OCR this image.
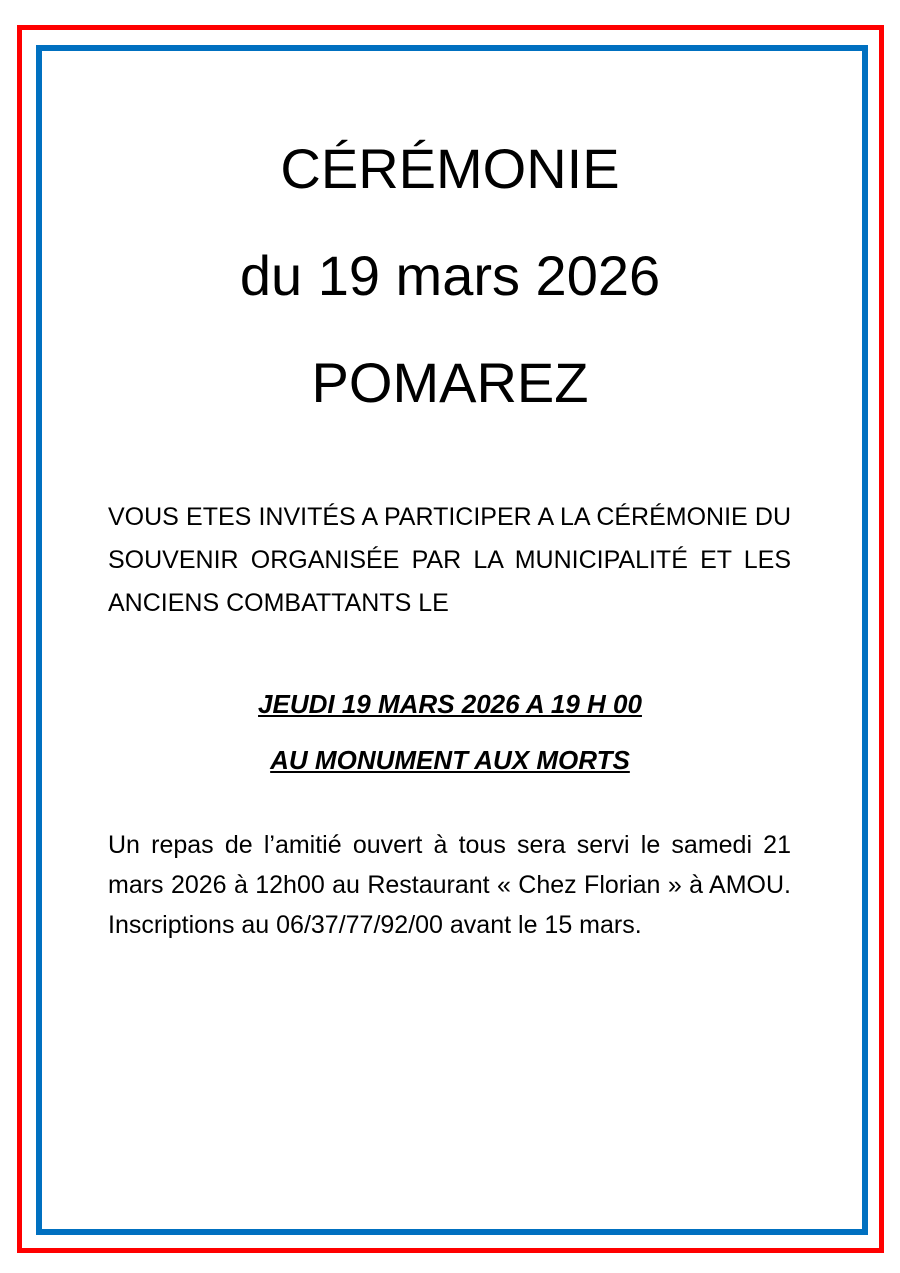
CÉRÉMONIE
du 19 mars 2026
POMAREZ

VOUS ETES INVITÉS A PARTICIPER A LA CÉRÉMONIE DU SOUVENIR ORGANISÉE PAR LA MUNICIPALITÉ ET LES ANCIENS COMBATTANTS LE

JEUDI 19 MARS 2026 A 19 H 00
AU MONUMENT AUX MORTS

Un repas de l’amitié ouvert à tous sera servi le samedi 21 mars 2026 à 12h00 au Restaurant « Chez Florian » à AMOU. Inscriptions au 06/37/77/92/00 avant le 15 mars.
